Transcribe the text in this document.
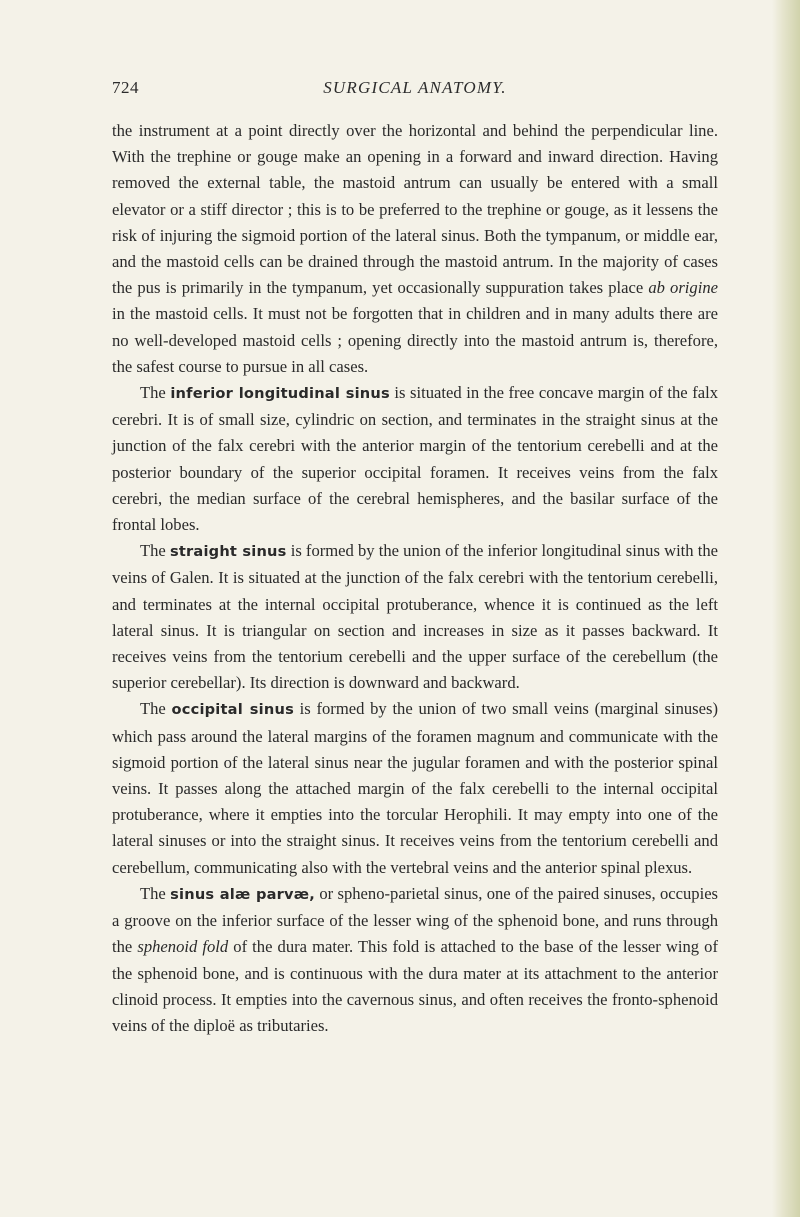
724	SURGICAL ANATOMY.

the instrument at a point directly over the horizontal and behind the perpendicular line. With the trephine or gouge make an opening in a forward and inward direction. Having removed the external table, the mastoid antrum can usually be entered with a small elevator or a stiff director ; this is to be preferred to the trephine or gouge, as it lessens the risk of injuring the sigmoid portion of the lateral sinus. Both the tympanum, or middle ear, and the mastoid cells can be drained through the mastoid antrum. In the majority of cases the pus is primarily in the tympanum, yet occasionally suppuration takes place ab origine in the mastoid cells. It must not be forgotten that in children and in many adults there are no well-developed mastoid cells ; opening directly into the mastoid antrum is, therefore, the safest course to pursue in all cases.

The inferior longitudinal sinus is situated in the free concave margin of the falx cerebri. It is of small size, cylindric on section, and terminates in the straight sinus at the junction of the falx cerebri with the anterior margin of the tentorium cerebelli and at the posterior boundary of the superior occipital foramen. It receives veins from the falx cerebri, the median surface of the cerebral hemispheres, and the basilar surface of the frontal lobes.

The straight sinus is formed by the union of the inferior longitudinal sinus with the veins of Galen. It is situated at the junction of the falx cerebri with the tentorium cerebelli, and terminates at the internal occipital protuberance, whence it is continued as the left lateral sinus. It is triangular on section and increases in size as it passes backward. It receives veins from the tentorium cerebelli and the upper surface of the cerebellum (the superior cerebellar). Its direction is downward and backward.

The occipital sinus is formed by the union of two small veins (marginal sinuses) which pass around the lateral margins of the foramen magnum and communicate with the sigmoid portion of the lateral sinus near the jugular foramen and with the posterior spinal veins. It passes along the attached margin of the falx cerebelli to the internal occipital protuberance, where it empties into the torcular Herophili. It may empty into one of the lateral sinuses or into the straight sinus. It receives veins from the tentorium cerebelli and cerebellum, communicating also with the vertebral veins and the anterior spinal plexus.

The sinus alæ parvæ, or spheno-parietal sinus, one of the paired sinuses, occupies a groove on the inferior surface of the lesser wing of the sphenoid bone, and runs through the sphenoid fold of the dura mater. This fold is attached to the base of the lesser wing of the sphenoid bone, and is continuous with the dura mater at its attachment to the anterior clinoid process. It empties into the cavernous sinus, and often receives the fronto-sphenoid veins of the diploë as tributaries.
